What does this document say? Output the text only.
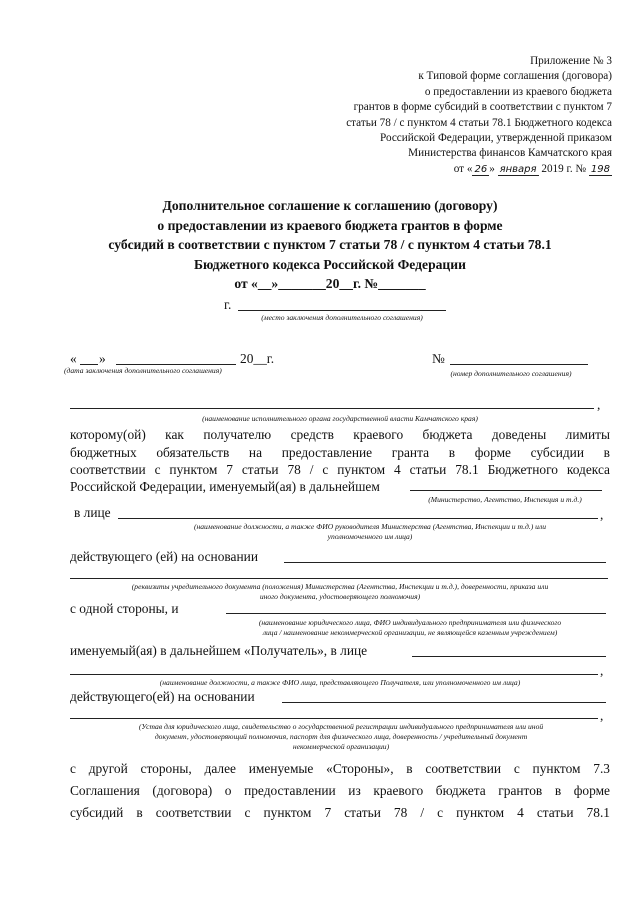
Приложение № 3
к Типовой форме соглашения (договора)
о предоставлении из краевого бюджета
грантов в форме субсидий в соответствии с пунктом 7
статьи 78 / с пунктом 4 статьи 78.1 Бюджетного кодекса
Российской Федерации, утвержденной приказом
Министерства финансов Камчатского края
от « 26 » января 2019 г. № 198
Дополнительное соглашение к соглашению (договору)
о предоставлении из краевого бюджета грантов в форме
субсидий в соответствии с пунктом 7 статьи 78 / с пунктом 4 статьи 78.1
Бюджетного кодекса Российской Федерации
от «__»_______20__г. №_______
г.
(место заключения дополнительного соглашения)
« »	20__г.
(дата заключения дополнительного соглашения)
№
(номер дополнительного соглашения)
,
(наименование исполнительного органа государственной власти Камчатского края)
которому(ой) как получателю средств краевого бюджета доведены лимиты
бюджетных обязательств на предоставление гранта в форме субсидии в
соответствии с пунктом 7 статьи 78 / с пунктом 4 статьи 78.1 Бюджетного кодекса
Российской Федерации, именуемый(ая) в дальнейшем
(Министерство, Агентство, Инспекция и т.д.)
в лице	,
(наименование должности, а также ФИО руководителя Министерства (Агентства, Инспекции и т.д.) или
уполномоченного им лица)
действующего (ей) на основании
(реквизиты учредительного документа (положения) Министерства (Агентства, Инспекции и т.д.), доверенности, приказа или
иного документа, удостоверяющего полномочия)
с одной стороны, и
(наименование юридического лица, ФИО индивидуального предпринимателя или физического
лица / наименование некоммерческой организации, не являющейся казенным учреждением)
именуемый(ая) в дальнейшем «Получатель», в лице
,
(наименование должности, а также ФИО лица, представляющего Получателя, или уполномоченного им лица)
действующего(ей) на основании
,
(Устав для юридического лица, свидетельство о государственной регистрации индивидуального предпринимателя или иной
документ, удостоверяющий полномочия, паспорт для физического лица, доверенность / учредительный документ
некоммерческой организации)
с другой стороны, далее именуемые «Стороны», в соответствии с пунктом 7.3
Соглашения (договора) о предоставлении из краевого бюджета грантов в форме
субсидий в соответствии с пунктом 7 статьи 78 / с пунктом 4 статьи 78.1
